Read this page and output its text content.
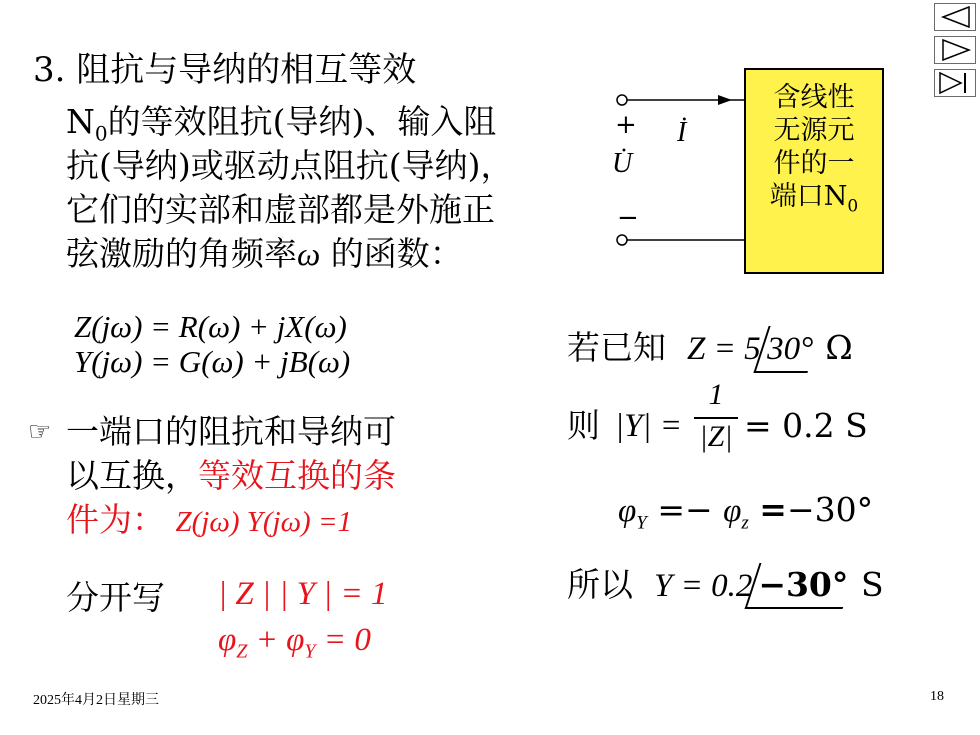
3. 阻抗与导纳的相互等效
$N_0$的等效阻抗(导纳)、输入阻
抗(导纳)或驱动点阻抗(导纳)，
它们的实部和虚部都是外施正
弦激励的角频率ω 的函数：
Z(jω) = R(ω) + jX(ω)
Y(jω) = G(ω) + jB(ω)
☞ 一端口的阻抗和导纳可
以互换，等效互换的条
件为： Z(jω) Y(jω) =1
分开写 | Z | | Y | = 1
$\varphi_Z + \varphi_Y = 0$
+ İ
U̇
−
含线性
无源元
件的一
端口$N_0$
若已知 Z = 5 30° Ω
则 |Y| =
1
|Z| = 0.2 S
$\varphi_Y =- \varphi_z =-30^\circ$
所以 Y = 0.2 −30° S
2025年4月2日星期三	18
